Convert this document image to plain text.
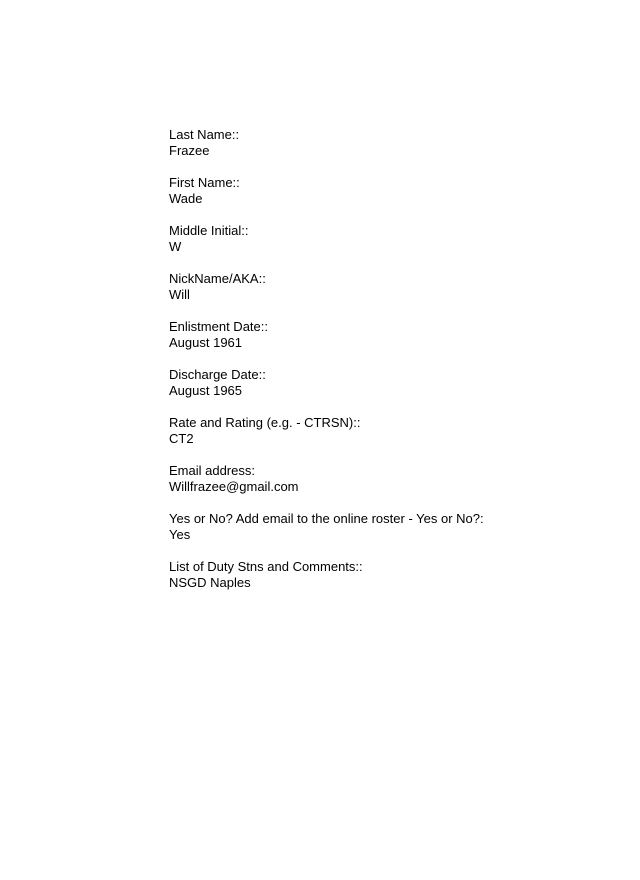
Last Name::
Frazee
First Name::
Wade
Middle Initial::
W
NickName/AKA::
Will
Enlistment Date::
August 1961
Discharge Date::
August 1965
Rate and Rating (e.g. - CTRSN)::
CT2
Email address:
Willfrazee@gmail.com
Yes or No? Add email to the online roster - Yes or No?:
Yes
List of Duty Stns and Comments::
NSGD Naples
